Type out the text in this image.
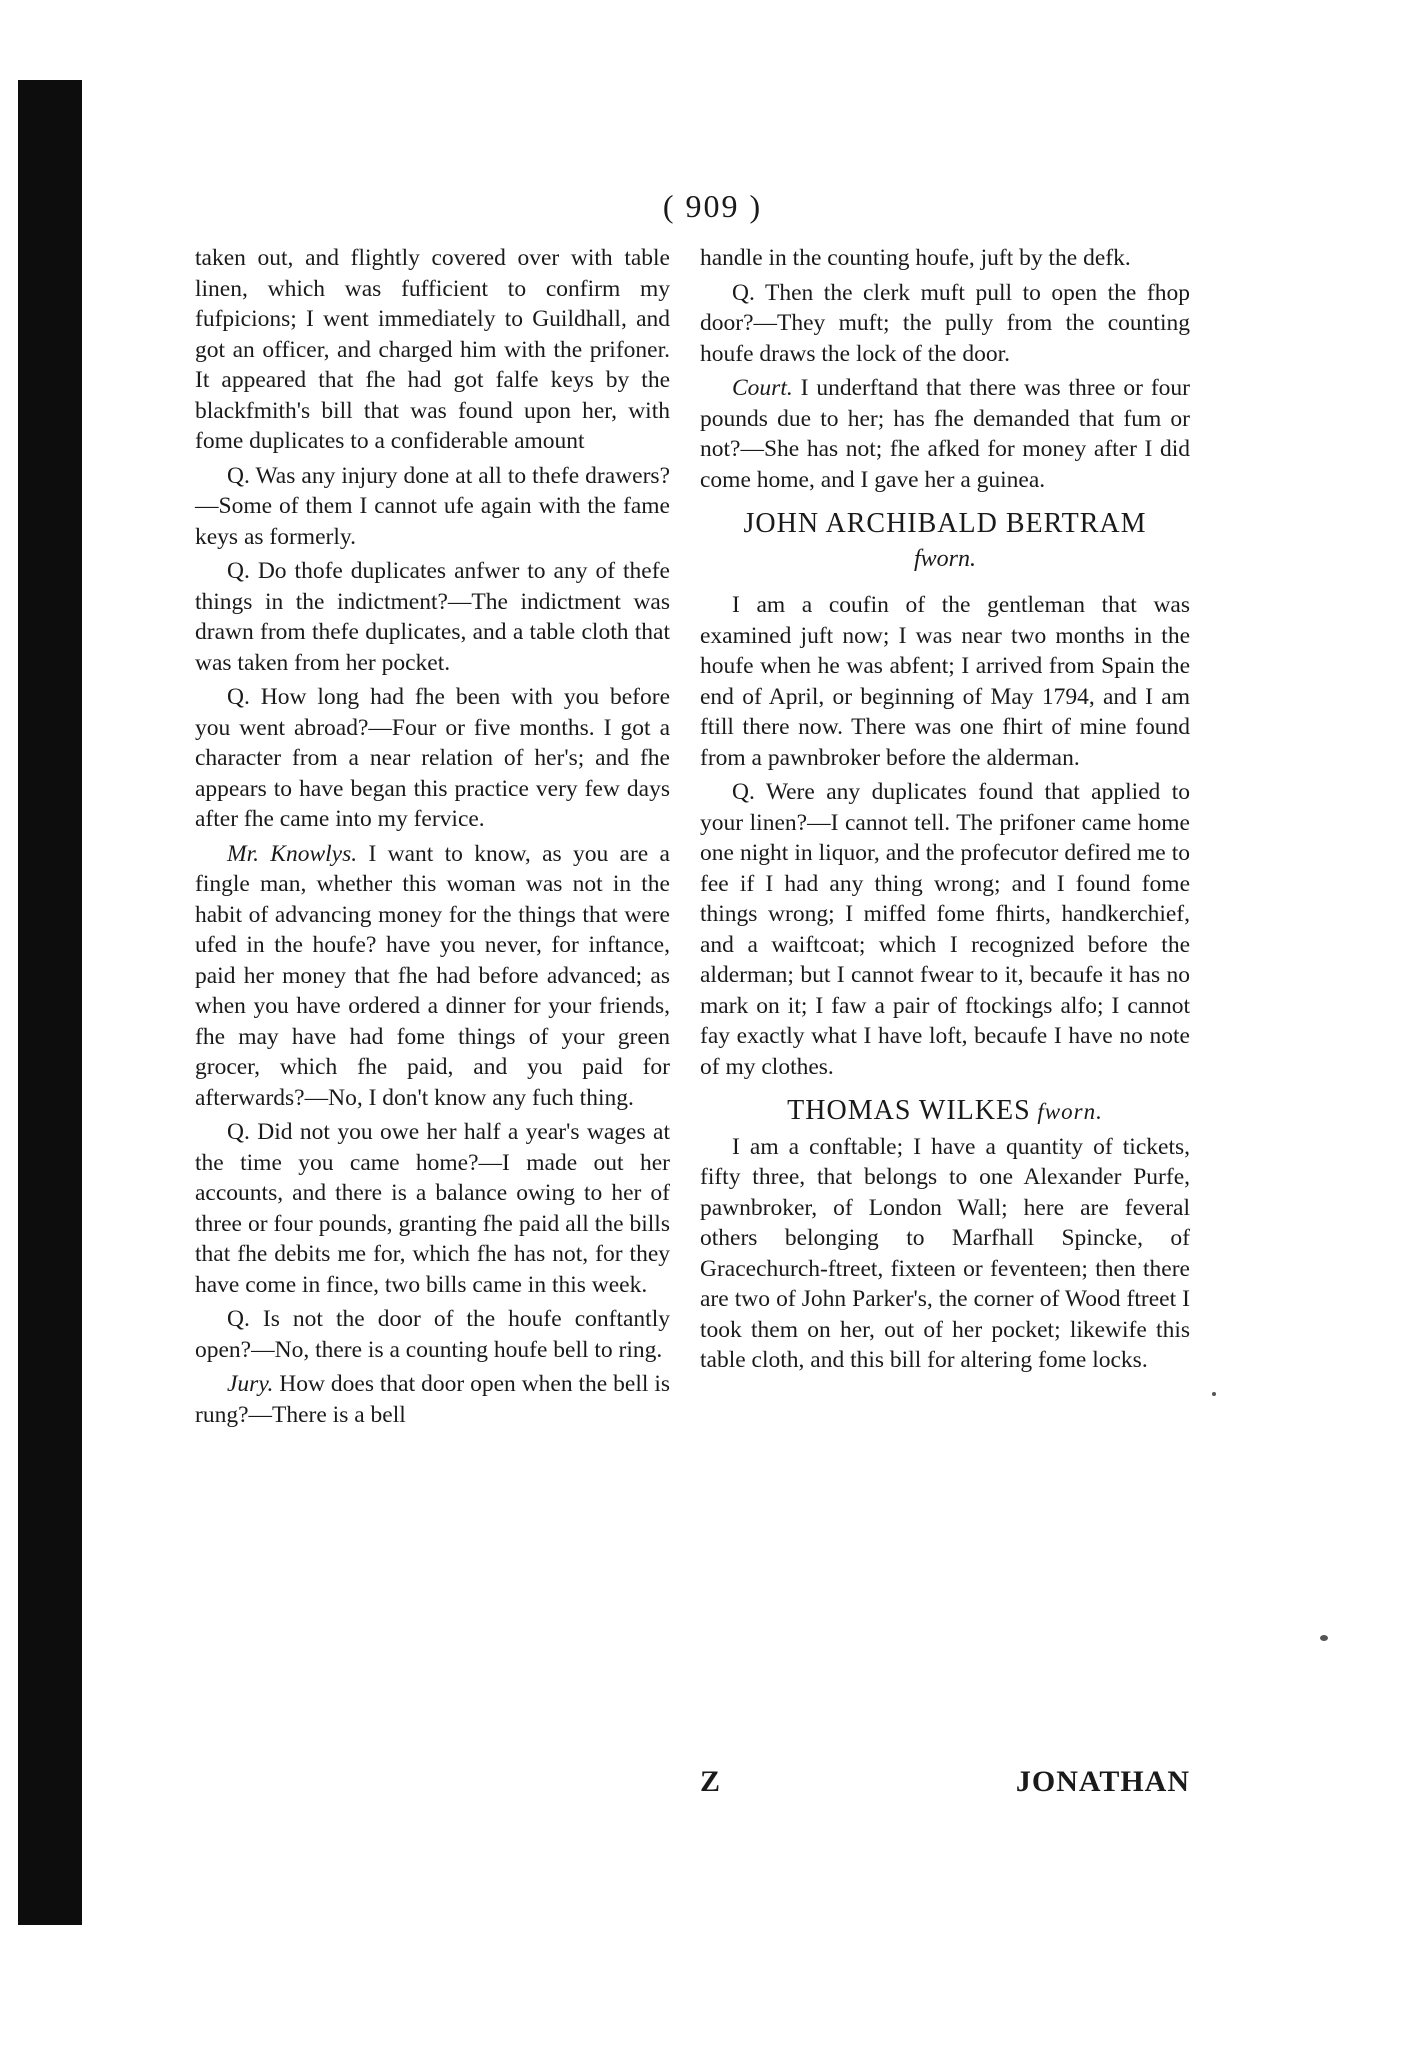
( 909 )

taken out, and flightly covered over with table linen, which was fufficient to confirm my fufpicions; I went immediately to Guildhall, and got an officer, and charged him with the prifoner. It appeared that fhe had got falfe keys by the blackfmith's bill that was found upon her, with fome duplicates to a confiderable amount

Q. Was any injury done at all to thefe drawers?—Some of them I cannot ufe again with the fame keys as formerly.

Q. Do thofe duplicates anfwer to any of thefe things in the indictment?—The indictment was drawn from thefe duplicates, and a table cloth that was taken from her pocket.

Q. How long had fhe been with you before you went abroad?—Four or five months. I got a character from a near relation of her's; and fhe appears to have began this practice very few days after fhe came into my fervice.

Mr. Knowlys. I want to know, as you are a fingle man, whether this woman was not in the habit of advancing money for the things that were ufed in the houfe? have you never, for inftance, paid her money that fhe had before advanced; as when you have ordered a dinner for your friends, fhe may have had fome things of your green grocer, which fhe paid, and you paid for afterwards?—No, I don't know any fuch thing.

Q. Did not you owe her half a year's wages at the time you came home?—I made out her accounts, and there is a balance owing to her of three or four pounds, granting fhe paid all the bills that fhe debits me for, which fhe has not, for they have come in fince, two bills came in this week.

Q. Is not the door of the houfe conftantly open?—No, there is a counting houfe bell to ring.

Jury. How does that door open when the bell is rung?—There is a bell

handle in the counting houfe, juft by the defk.

Q. Then the clerk muft pull to open the fhop door?—They muft; the pully from the counting houfe draws the lock of the door.

Court. I underftand that there was three or four pounds due to her; has fhe demanded that fum or not?—She has not; fhe afked for money after I did come home, and I gave her a guinea.

JOHN ARCHIBALD BERTRAM
fworn.

I am a coufin of the gentleman that was examined juft now; I was near two months in the houfe when he was abfent; I arrived from Spain the end of April, or beginning of May 1794, and I am ftill there now. There was one fhirt of mine found from a pawnbroker before the alderman.

Q. Were any duplicates found that applied to your linen?—I cannot tell. The prifoner came home one night in liquor, and the profecutor defired me to fee if I had any thing wrong; and I found fome things wrong; I miffed fome fhirts, handkerchief, and a waiftcoat; which I recognized before the alderman; but I cannot fwear to it, becaufe it has no mark on it; I faw a pair of ftockings alfo; I cannot fay exactly what I have loft, becaufe I have no note of my clothes.

THOMAS WILKES fworn.

I am a conftable; I have a quantity of tickets, fifty three, that belongs to one Alexander Purfe, pawnbroker, of London Wall; here are feveral others belonging to Marfhall Spincke, of Gracechurch-ftreet, fixteen or feventeen; then there are two of John Parker's, the corner of Wood ftreet I took them on her, out of her pocket; likewife this table cloth, and this bill for altering fome locks.

Z	JONATHAN
